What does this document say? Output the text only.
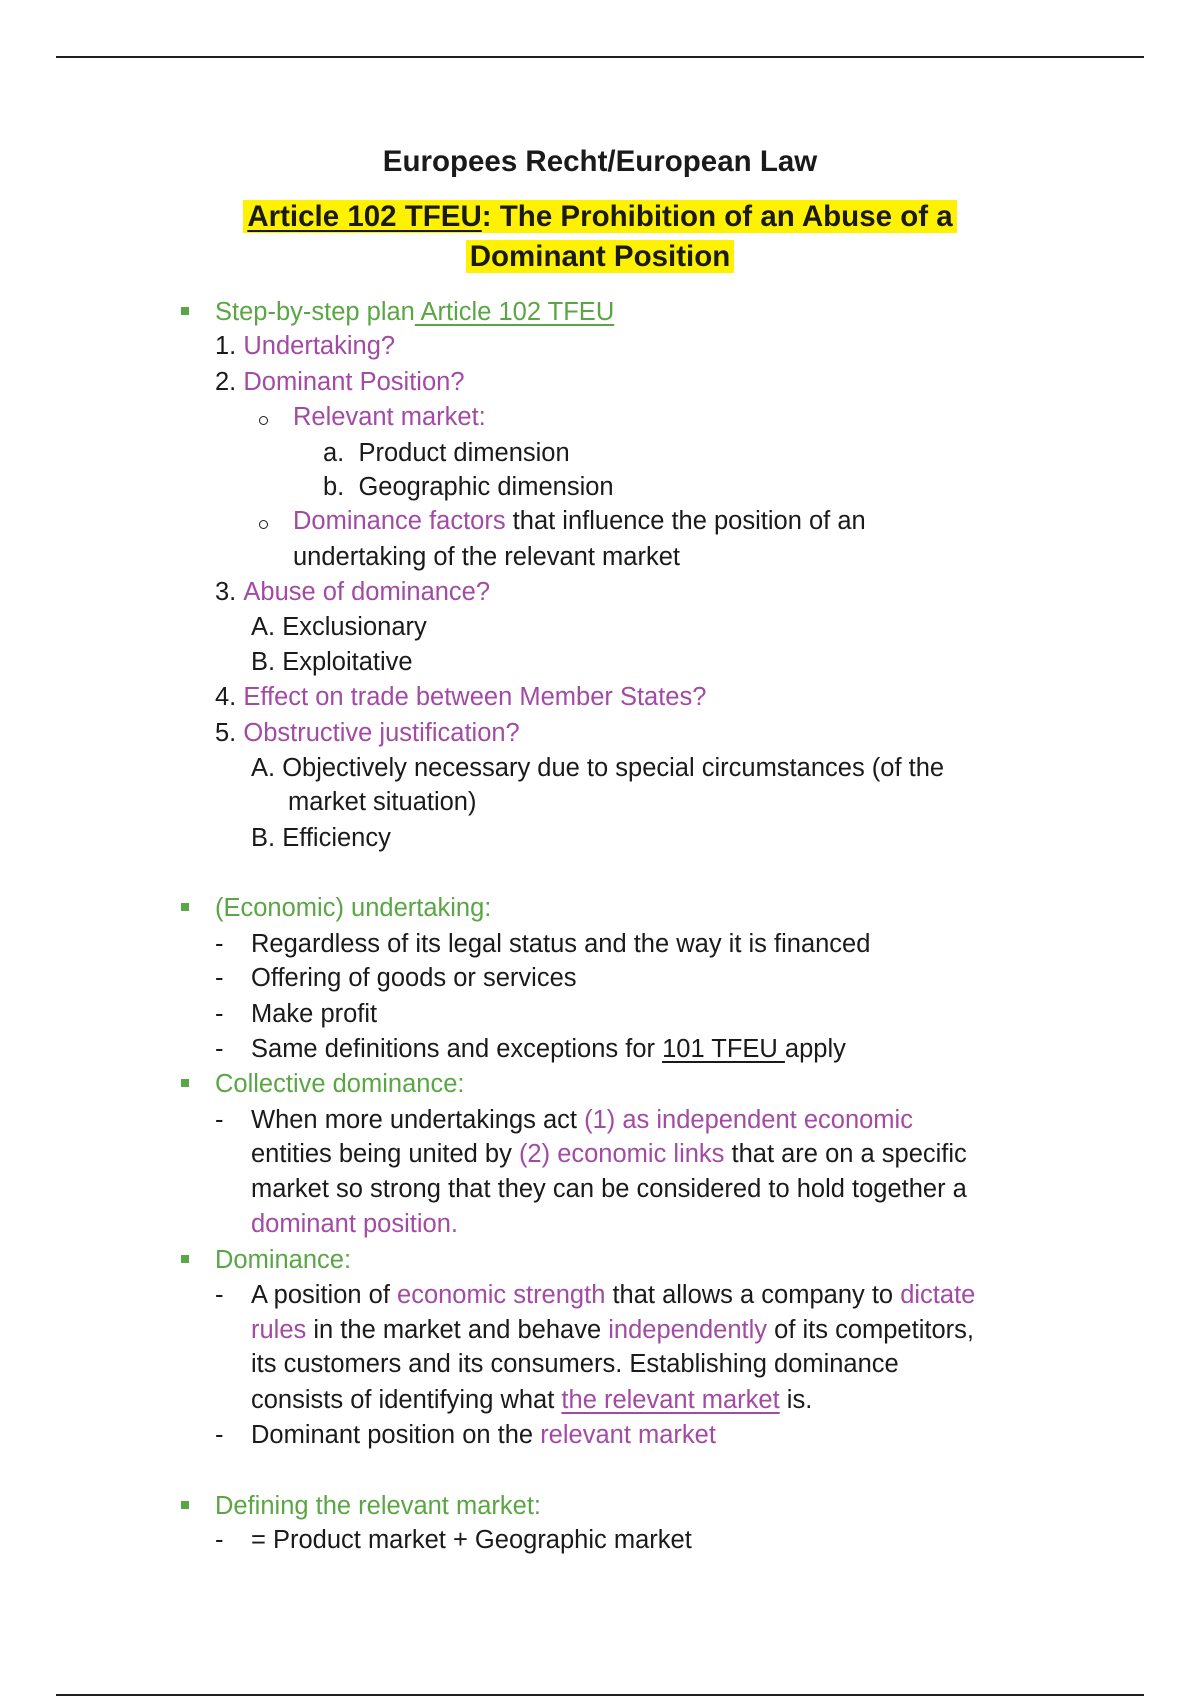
Europees Recht/European Law
Article 102 TFEU: The Prohibition of an Abuse of a
Dominant Position
Step-by-step plan Article 102 TFEU
1. Undertaking?
2. Dominant Position?
Relevant market:
a. Product dimension
b. Geographic dimension
Dominance factors that influence the position of an
undertaking of the relevant market
3. Abuse of dominance?
A. Exclusionary
B. Exploitative
4. Effect on trade between Member States?
5. Obstructive justification?
A. Objectively necessary due to special circumstances (of the
market situation)
B. Efficiency
(Economic) undertaking:
- Regardless of its legal status and the way it is financed
- Offering of goods or services
- Make profit
- Same definitions and exceptions for 101 TFEU apply
Collective dominance:
- When more undertakings act (1) as independent economic
entities being united by (2) economic links that are on a specific
market so strong that they can be considered to hold together a
dominant position.
Dominance:
- A position of economic strength that allows a company to dictate
rules in the market and behave independently of its competitors,
its customers and its consumers. Establishing dominance
consists of identifying what the relevant market is.
- Dominant position on the relevant market
Defining the relevant market:
- = Product market + Geographic market
